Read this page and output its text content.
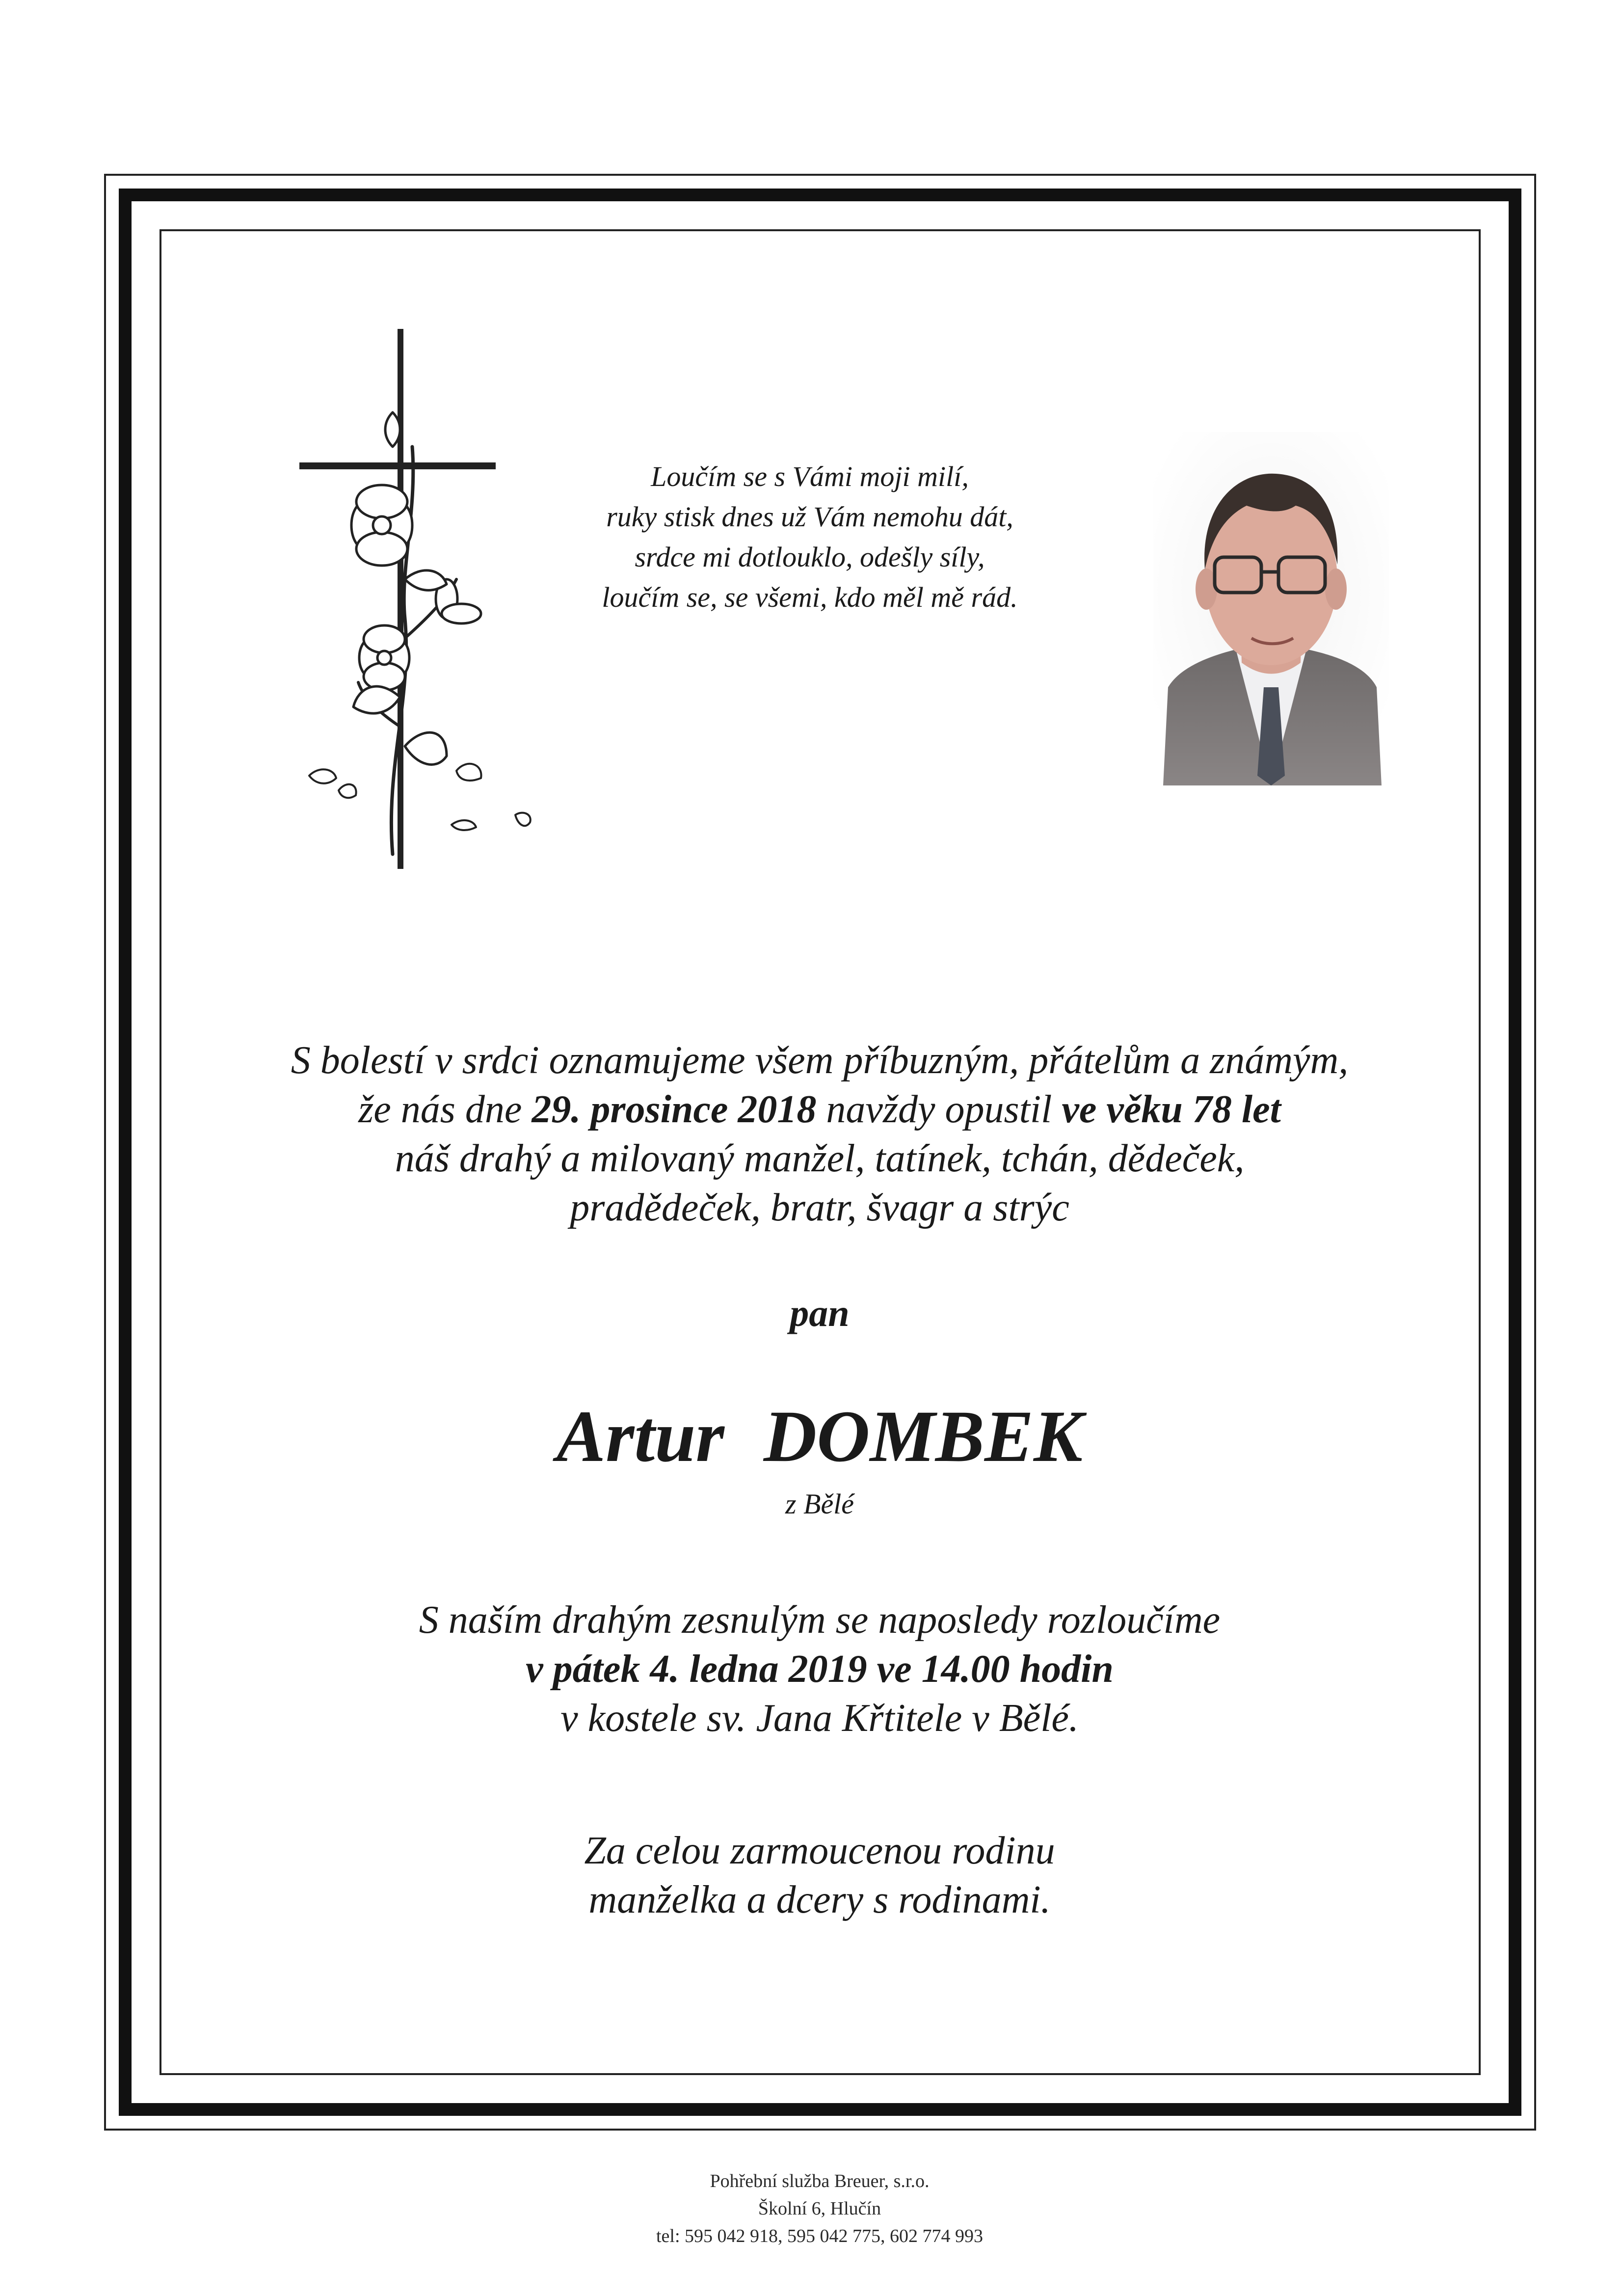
Loučím se s Vámi moji milí,
ruky stisk dnes už Vám nemohu dát,
srdce mi dotlouklo, odešly síly,
loučím se, se všemi, kdo měl mě rád.
S bolestí v srdci oznamujeme všem příbuzným, přátelům a známým,
že nás dne 29. prosince 2018 navždy opustil ve věku 78 let
náš drahý a milovaný manžel, tatínek, tchán, dědeček,
pradědeček, bratr, švagr a strýc
pan
Artur DOMBEK
z Bělé
S naším drahým zesnulým se naposledy rozloučíme
v pátek 4. ledna 2019 ve 14.00 hodin
v kostele sv. Jana Křtitele v Bělé.
Za celou zarmoucenou rodinu
manželka a dcery s rodinami.
Pohřební služba Breuer, s.r.o.
Školní 6, Hlučín
tel: 595 042 918, 595 042 775, 602 774 993
